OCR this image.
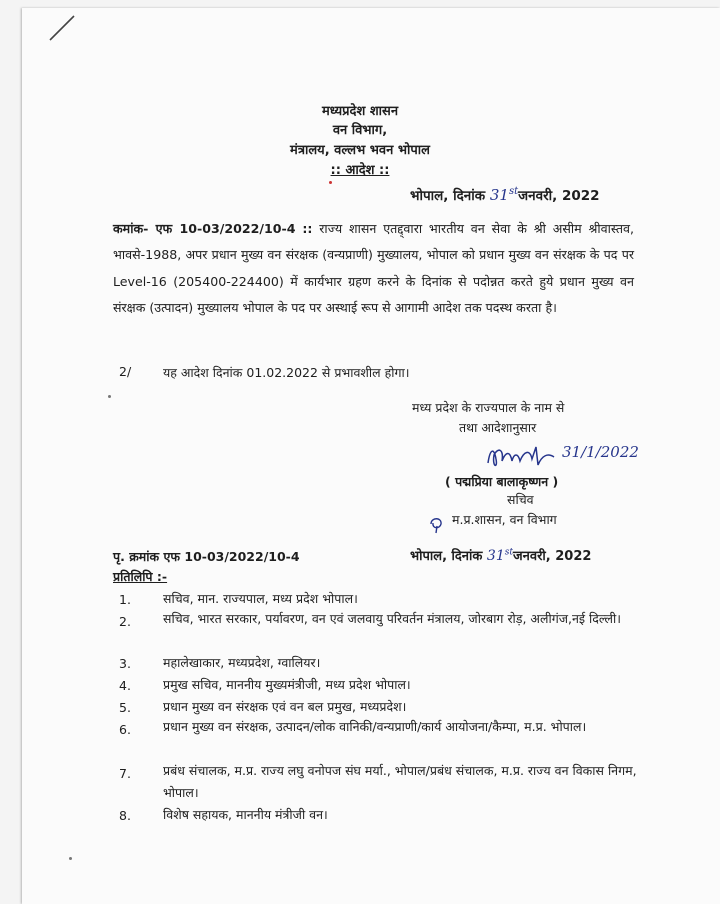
मध्यप्रदेश शासन
वन विभाग,
मंत्रालय, वल्लभ भवन भोपाल
:: आदेश ::
भोपाल, दिनांक 31stजनवरी, 2022
कमांक- एफ 10-03/2022/10-4 :: राज्य शासन एतद्द्वारा भारतीय वन सेवा के श्री असीम श्रीवास्तव, भावसे-1988, अपर प्रधान मुख्य वन संरक्षक (वन्यप्राणी) मुख्यालय, भोपाल को प्रधान मुख्य वन संरक्षक के पद पर Level-16 (205400-224400) में कार्यभार ग्रहण करने के दिनांक से पदोन्नत करते हुये प्रधान मुख्य वन संरक्षक (उत्पादन) मुख्यालय भोपाल के पद पर अस्थाई रूप से आगामी आदेश तक पदस्थ करता है।
2/	यह आदेश दिनांक 01.02.2022 से प्रभावशील होगा।
मध्य प्रदेश के राज्यपाल के नाम से
तथा आदेशानुसार
31/1/2022
( पद्मप्रिया बालाकृष्णन )
सचिव
म.प्र.शासन, वन विभाग
पृ. क्रमांक एफ 10-03/2022/10-4	भोपाल, दिनांक 31stजनवरी, 2022
प्रतिलिपि :-
1.	सचिव, मान. राज्यपाल, मध्य प्रदेश भोपाल।
2.	सचिव, भारत सरकार, पर्यावरण, वन एवं जलवायु परिवर्तन मंत्रालय, जोरबाग रोड़, अलीगंज,नई दिल्ली।
3.	महालेखाकार, मध्यप्रदेश, ग्वालियर।
4.	प्रमुख सचिव, माननीय मुख्यमंत्रीजी, मध्य प्रदेश भोपाल।
5.	प्रधान मुख्य वन संरक्षक एवं वन बल प्रमुख, मध्यप्रदेश।
6.	प्रधान मुख्य वन संरक्षक, उत्पादन/लोक वानिकी/वन्यप्राणी/कार्य आयोजना/कैम्पा, म.प्र. भोपाल।
7.	प्रबंध संचालक, म.प्र. राज्य लघु वनोपज संघ मर्या., भोपाल/प्रबंध संचालक, म.प्र. राज्य वन विकास निगम, भोपाल।
8.	विशेष सहायक, माननीय मंत्रीजी वन।
